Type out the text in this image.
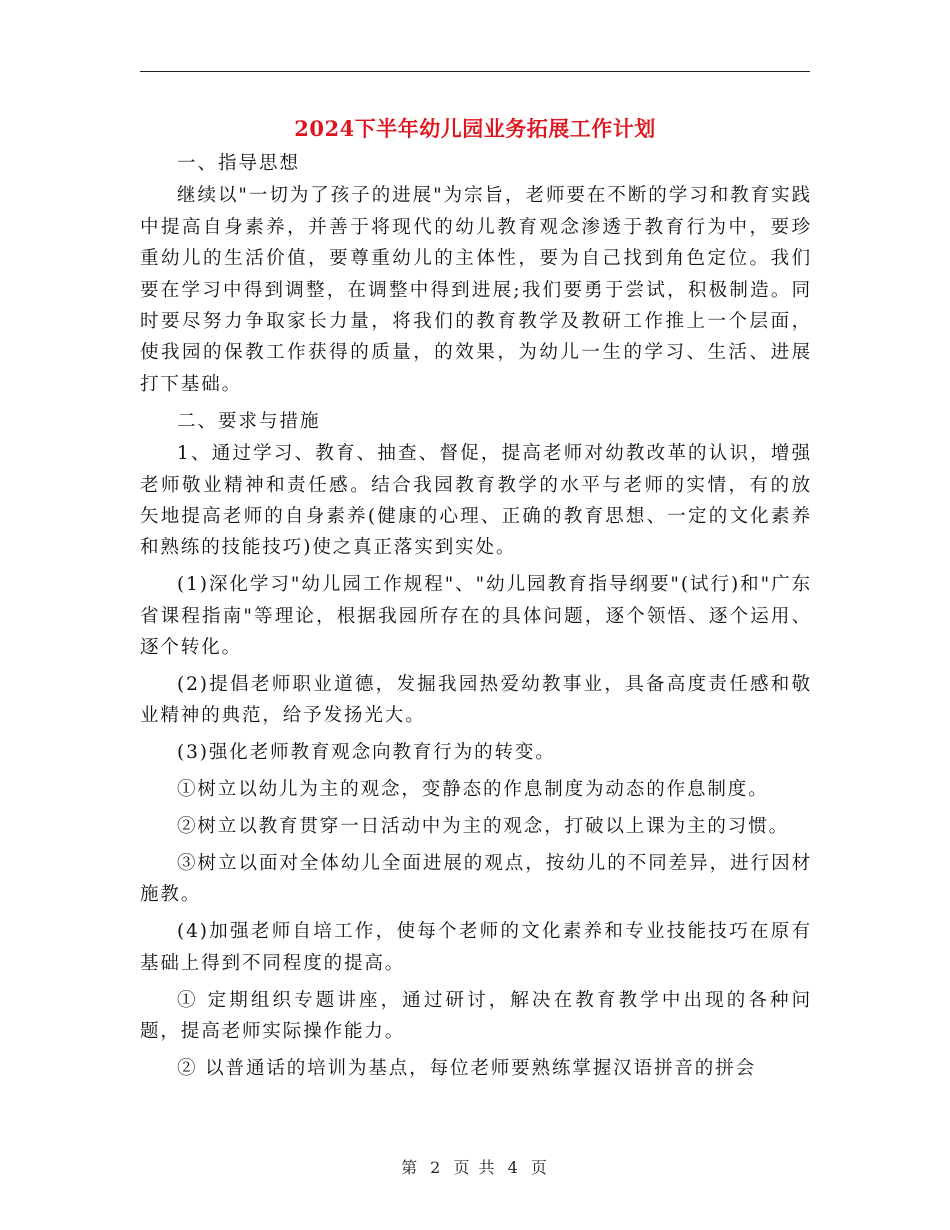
2024下半年幼儿园业务拓展工作计划

一、指导思想

继续以"一切为了孩子的进展"为宗旨，老师要在不断的学习和教育实践中提高自身素养，并善于将现代的幼儿教育观念渗透于教育行为中，要珍重幼儿的生活价值，要尊重幼儿的主体性，要为自己找到角色定位。我们要在学习中得到调整，在调整中得到进展;我们要勇于尝试，积极制造。同时要尽努力争取家长力量，将我们的教育教学及教研工作推上一个层面，使我园的保教工作获得的质量，的效果，为幼儿一生的学习、生活、进展打下基础。

二、要求与措施

1、通过学习、教育、抽查、督促，提高老师对幼教改革的认识，增强老师敬业精神和责任感。结合我园教育教学的水平与老师的实情，有的放矢地提高老师的自身素养(健康的心理、正确的教育思想、一定的文化素养和熟练的技能技巧)使之真正落实到实处。

(1)深化学习"幼儿园工作规程"、"幼儿园教育指导纲要"(试行)和"广东省课程指南"等理论，根据我园所存在的具体问题，逐个领悟、逐个运用、逐个转化。

(2)提倡老师职业道德，发掘我园热爱幼教事业，具备高度责任感和敬业精神的典范，给予发扬光大。

(3)强化老师教育观念向教育行为的转变。

①树立以幼儿为主的观念，变静态的作息制度为动态的作息制度。

②树立以教育贯穿一日活动中为主的观念，打破以上课为主的习惯。

③树立以面对全体幼儿全面进展的观点，按幼儿的不同差异，进行因材施教。

(4)加强老师自培工作，使每个老师的文化素养和专业技能技巧在原有基础上得到不同程度的提高。

① 定期组织专题讲座，通过研讨，解决在教育教学中出现的各种问题，提高老师实际操作能力。

② 以普通话的培训为基点，每位老师要熟练掌握汉语拼音的拼会

第 2 页 共 4 页
